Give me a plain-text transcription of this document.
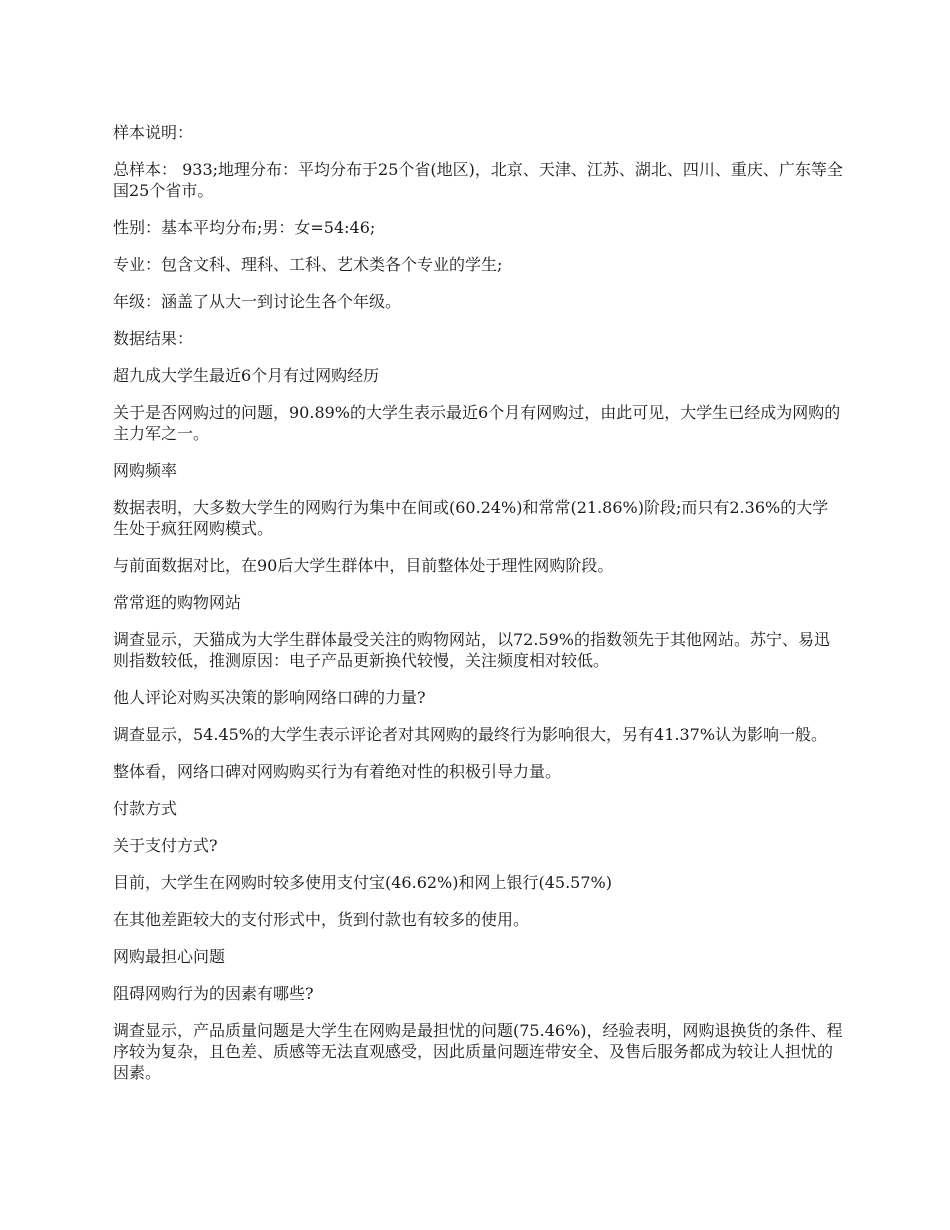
样本说明：

总样本： 933;地理分布：平均分布于25个省(地区)，北京、天津、江苏、湖北、四川、重庆、广东等全国25个省市。

性别：基本平均分布;男：女=54:46;

专业：包含文科、理科、工科、艺术类各个专业的学生;

年级：涵盖了从大一到讨论生各个年级。

数据结果：

超九成大学生最近6个月有过网购经历

关于是否网购过的问题，90.89%的大学生表示最近6个月有网购过，由此可见，大学生已经成为网购的主力军之一。

网购频率

数据表明，大多数大学生的网购行为集中在间或(60.24%)和常常(21.86%)阶段;而只有2.36%的大学生处于疯狂网购模式。

与前面数据对比，在90后大学生群体中，目前整体处于理性网购阶段。

常常逛的购物网站

调查显示，天猫成为大学生群体最受关注的购物网站，以72.59%的指数领先于其他网站。苏宁、易迅则指数较低，推测原因：电子产品更新换代较慢，关注频度相对较低。

他人评论对购买决策的影响网络口碑的力量?

调查显示，54.45%的大学生表示评论者对其网购的最终行为影响很大，另有41.37%认为影响一般。

整体看，网络口碑对网购购买行为有着绝对性的积极引导力量。

付款方式

关于支付方式?

目前，大学生在网购时较多使用支付宝(46.62%)和网上银行(45.57%)

在其他差距较大的支付形式中，货到付款也有较多的使用。

网购最担心问题

阻碍网购行为的因素有哪些?

调查显示，产品质量问题是大学生在网购是最担忧的问题(75.46%)，经验表明，网购退换货的条件、程序较为复杂，且色差、质感等无法直观感受，因此质量问题连带安全、及售后服务都成为较让人担忧的因素。
